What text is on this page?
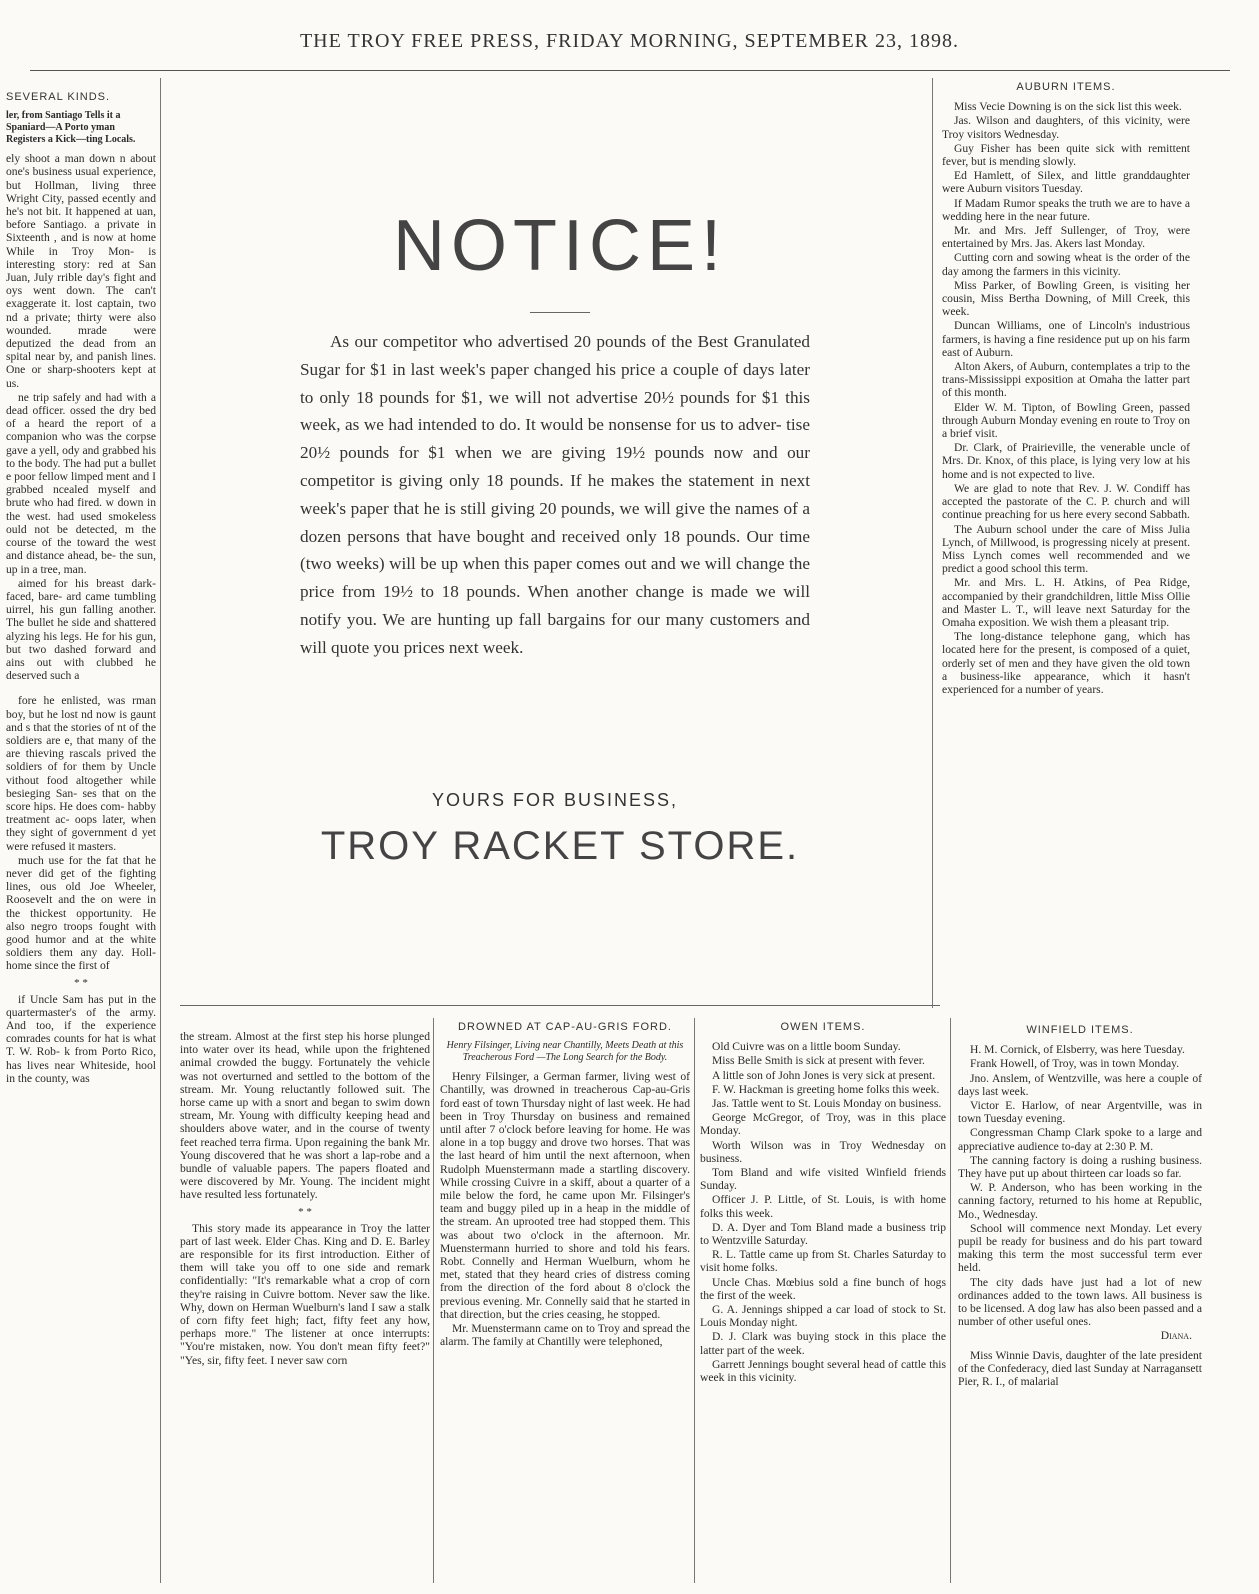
THE TROY FREE PRESS, FRIDAY MORNING, SEPTEMBER 23, 1898.
SEVERAL KINDS.
ler, from Santiago Tells it a Spaniard—A Porto yman Registers a Kick—ting Locals.

ely shoot a man down n about one's business usual experience, but Hollman, living three Wright City, passed ecently and he's not bit. It happened at uan, before Santiago. a private in Sixteenth , and is now at home While in Troy Mon- is interesting story: red at San Juan, July rrible day's fight and oys went down. The can't exaggerate it. lost captain, two nd a private; thirty were also wounded. mrade were deputized the dead from an spital near by, and panish lines. One or sharp-shooters kept at us.

ne trip safely and had with a dead officer. ossed the dry bed of a heard the report of a companion who was the corpse gave a yell, ody and grabbed his to the body. The had put a bullet e poor fellow limped ment and I grabbed ncealed myself and brute who had fired. w down in the west. had used smokeless ould not be detected, m the course of the toward the west and distance ahead, be- the sun, up in a tree, man.

aimed for his breast dark-faced, bare- ard came tumbling uirrel, his gun falling another. The bullet he side and shattered alyzing his legs. He for his gun, but two dashed forward and ains out with clubbed he deserved such a

fore he enlisted, was rman boy, but he lost nd now is gaunt and s that the stories of nt of the soldiers are e, that many of the are thieving rascals prived the soldiers of for them by Uncle vithout food altogether while besieging San- ses that on the score hips. He does com- habby treatment ac- oops later, when they sight of government d yet were refused it masters.

much use for the fat that he never did get of the fighting lines, ous old Joe Wheeler, Roosevelt and the on were in the thickest opportunity. He also negro troops fought with good humor and at the white soldiers them any day. Holl- home since the first of

* *

if Uncle Sam has put in the quartermaster's of the army. And too, if the experience comrades counts for hat is what T. W. Rob- k from Porto Rico, has lives near Whiteside, hool in the county, was

NOTICE!

As our competitor who advertised 20 pounds of the Best Granulated Sugar for $1 in last week's paper changed his price a couple of days later to only 18 pounds for $1, we will not advertise 20½ pounds for $1 this week, as we had intended to do. It would be nonsense for us to adver- tise 20½ pounds for $1 when we are giving 19½ pounds now and our competitor is giving only 18 pounds. If he makes the statement in next week's paper that he is still giving 20 pounds, we will give the names of a dozen persons that have bought and received only 18 pounds. Our time (two weeks) will be up when this paper comes out and we will change the price from 19½ to 18 pounds. When another change is made we will notify you. We are hunting up fall bargains for our many customers and will quote you prices next week.

YOURS FOR BUSINESS,
TROY RACKET STORE.
AUBURN ITEMS.

Miss Vecie Downing is on the sick list this week.

Jas. Wilson and daughters, of this vicinity, were Troy visitors Wednesday.

Guy Fisher has been quite sick with remittent fever, but is mending slowly.

Ed Hamlett, of Silex, and little granddaughter were Auburn visitors Tuesday.

If Madam Rumor speaks the truth we are to have a wedding here in the near future.

Mr. and Mrs. Jeff Sullenger, of Troy, were entertained by Mrs. Jas. Akers last Monday.

Cutting corn and sowing wheat is the order of the day among the farmers in this vicinity.

Miss Parker, of Bowling Green, is visiting her cousin, Miss Bertha Downing, of Mill Creek, this week.

Duncan Williams, one of Lincoln's industrious farmers, is having a fine residence put up on his farm east of Auburn.

Alton Akers, of Auburn, contemplates a trip to the trans-Mississippi exposition at Omaha the latter part of this month.

Elder W. M. Tipton, of Bowling Green, passed through Auburn Monday evening en route to Troy on a brief visit.

Dr. Clark, of Prairieville, the venerable uncle of Mrs. Dr. Knox, of this place, is lying very low at his home and is not expected to live.

We are glad to note that Rev. J. W. Condiff has accepted the pastorate of the C. P. church and will continue preaching for us here every second Sabbath.

The Auburn school under the care of Miss Julia Lynch, of Millwood, is progressing nicely at present. Miss Lynch comes well recommended and we predict a good school this term.

Mr. and Mrs. L. H. Atkins, of Pea Ridge, accompanied by their grandchildren, little Miss Ollie and Master L. T., will leave next Saturday for the Omaha exposition. We wish them a pleasant trip.

The long-distance telephone gang, which has located here for the present, is composed of a quiet, orderly set of men and they have given the old town a business-like appearance, which it hasn't experienced for a number of years.

the stream. Almost at the first step his horse plunged into water over its head, while upon the frightened animal crowded the buggy. Fortunately the vehicle was not overturned and settled to the bottom of the stream. Mr. Young reluctantly followed suit. The horse came up with a snort and began to swim down stream, Mr. Young with difficulty keeping head and shoulders above water, and in the course of twenty feet reached terra firma. Upon regaining the bank Mr. Young discovered that he was short a lap-robe and a bundle of valuable papers. The papers floated and were discovered by Mr. Young. The incident might have resulted less fortunately.

* *

This story made its appearance in Troy the latter part of last week. Elder Chas. King and D. E. Barley are responsible for its first introduction. Either of them will take you off to one side and remark confidentially: "It's remarkable what a crop of corn they're raising in Cuivre bottom. Never saw the like. Why, down on Herman Wuelburn's land I saw a stalk of corn fifty feet high; fact, fifty feet any how, perhaps more." The listener at once interrupts: "You're mistaken, now. You don't mean fifty feet?" "Yes, sir, fifty feet. I never saw corn

DROWNED AT CAP-AU-GRIS FORD.
Henry Filsinger, Living near Chantilly, Meets Death at this Treacherous Ford —The Long Search for the Body.

Henry Filsinger, a German farmer, living west of Chantilly, was drowned in treacherous Cap-au-Gris ford east of town Thursday night of last week. He had been in Troy Thursday on business and remained until after 7 o'clock before leaving for home. He was alone in a top buggy and drove two horses. That was the last heard of him until the next afternoon, when Rudolph Muenstermann made a startling discovery. While crossing Cuivre in a skiff, about a quarter of a mile below the ford, he came upon Mr. Filsinger's team and buggy piled up in a heap in the middle of the stream. An uprooted tree had stopped them. This was about two o'clock in the afternoon. Mr. Muenstermann hurried to shore and told his fears. Robt. Connelly and Herman Wuelburn, whom he met, stated that they heard cries of distress coming from the direction of the ford about 8 o'clock the previous evening. Mr. Connelly said that he started in that direction, but the cries ceasing, he stopped.

Mr. Muenstermann came on to Troy and spread the alarm. The family at Chantilly were telephoned,

OWEN ITEMS.

Old Cuivre was on a little boom Sunday.

Miss Belle Smith is sick at present with fever.

A little son of John Jones is very sick at present.

F. W. Hackman is greeting home folks this week.

Jas. Tattle went to St. Louis Monday on business.

George McGregor, of Troy, was in this place Monday.

Worth Wilson was in Troy Wednesday on business.

Tom Bland and wife visited Winfield friends Sunday.

Officer J. P. Little, of St. Louis, is with home folks this week.

D. A. Dyer and Tom Bland made a business trip to Wentzville Saturday.

R. L. Tattle came up from St. Charles Saturday to visit home folks.

Uncle Chas. Mœbius sold a fine bunch of hogs the first of the week.

G. A. Jennings shipped a car load of stock to St. Louis Monday night.

D. J. Clark was buying stock in this place the latter part of the week.

Garrett Jennings bought several head of cattle this week in this vicinity.

WINFIELD ITEMS.

H. M. Cornick, of Elsberry, was here Tuesday.

Frank Howell, of Troy, was in town Monday.

Jno. Anslem, of Wentzville, was here a couple of days last week.

Victor E. Harlow, of near Argentville, was in town Tuesday evening.

Congressman Champ Clark spoke to a large and appreciative audience to-day at 2:30 P. M.

The canning factory is doing a rushing business. They have put up about thirteen car loads so far.

W. P. Anderson, who has been working in the canning factory, returned to his home at Republic, Mo., Wednesday.

School will commence next Monday. Let every pupil be ready for business and do his part toward making this term the most successful term ever held.

The city dads have just had a lot of new ordinances added to the town laws. All business is to be licensed. A dog law has also been passed and a number of other useful ones.

Diana.

Miss Winnie Davis, daughter of the late president of the Confederacy, died last Sunday at Narragansett Pier, R. I., of malarial
